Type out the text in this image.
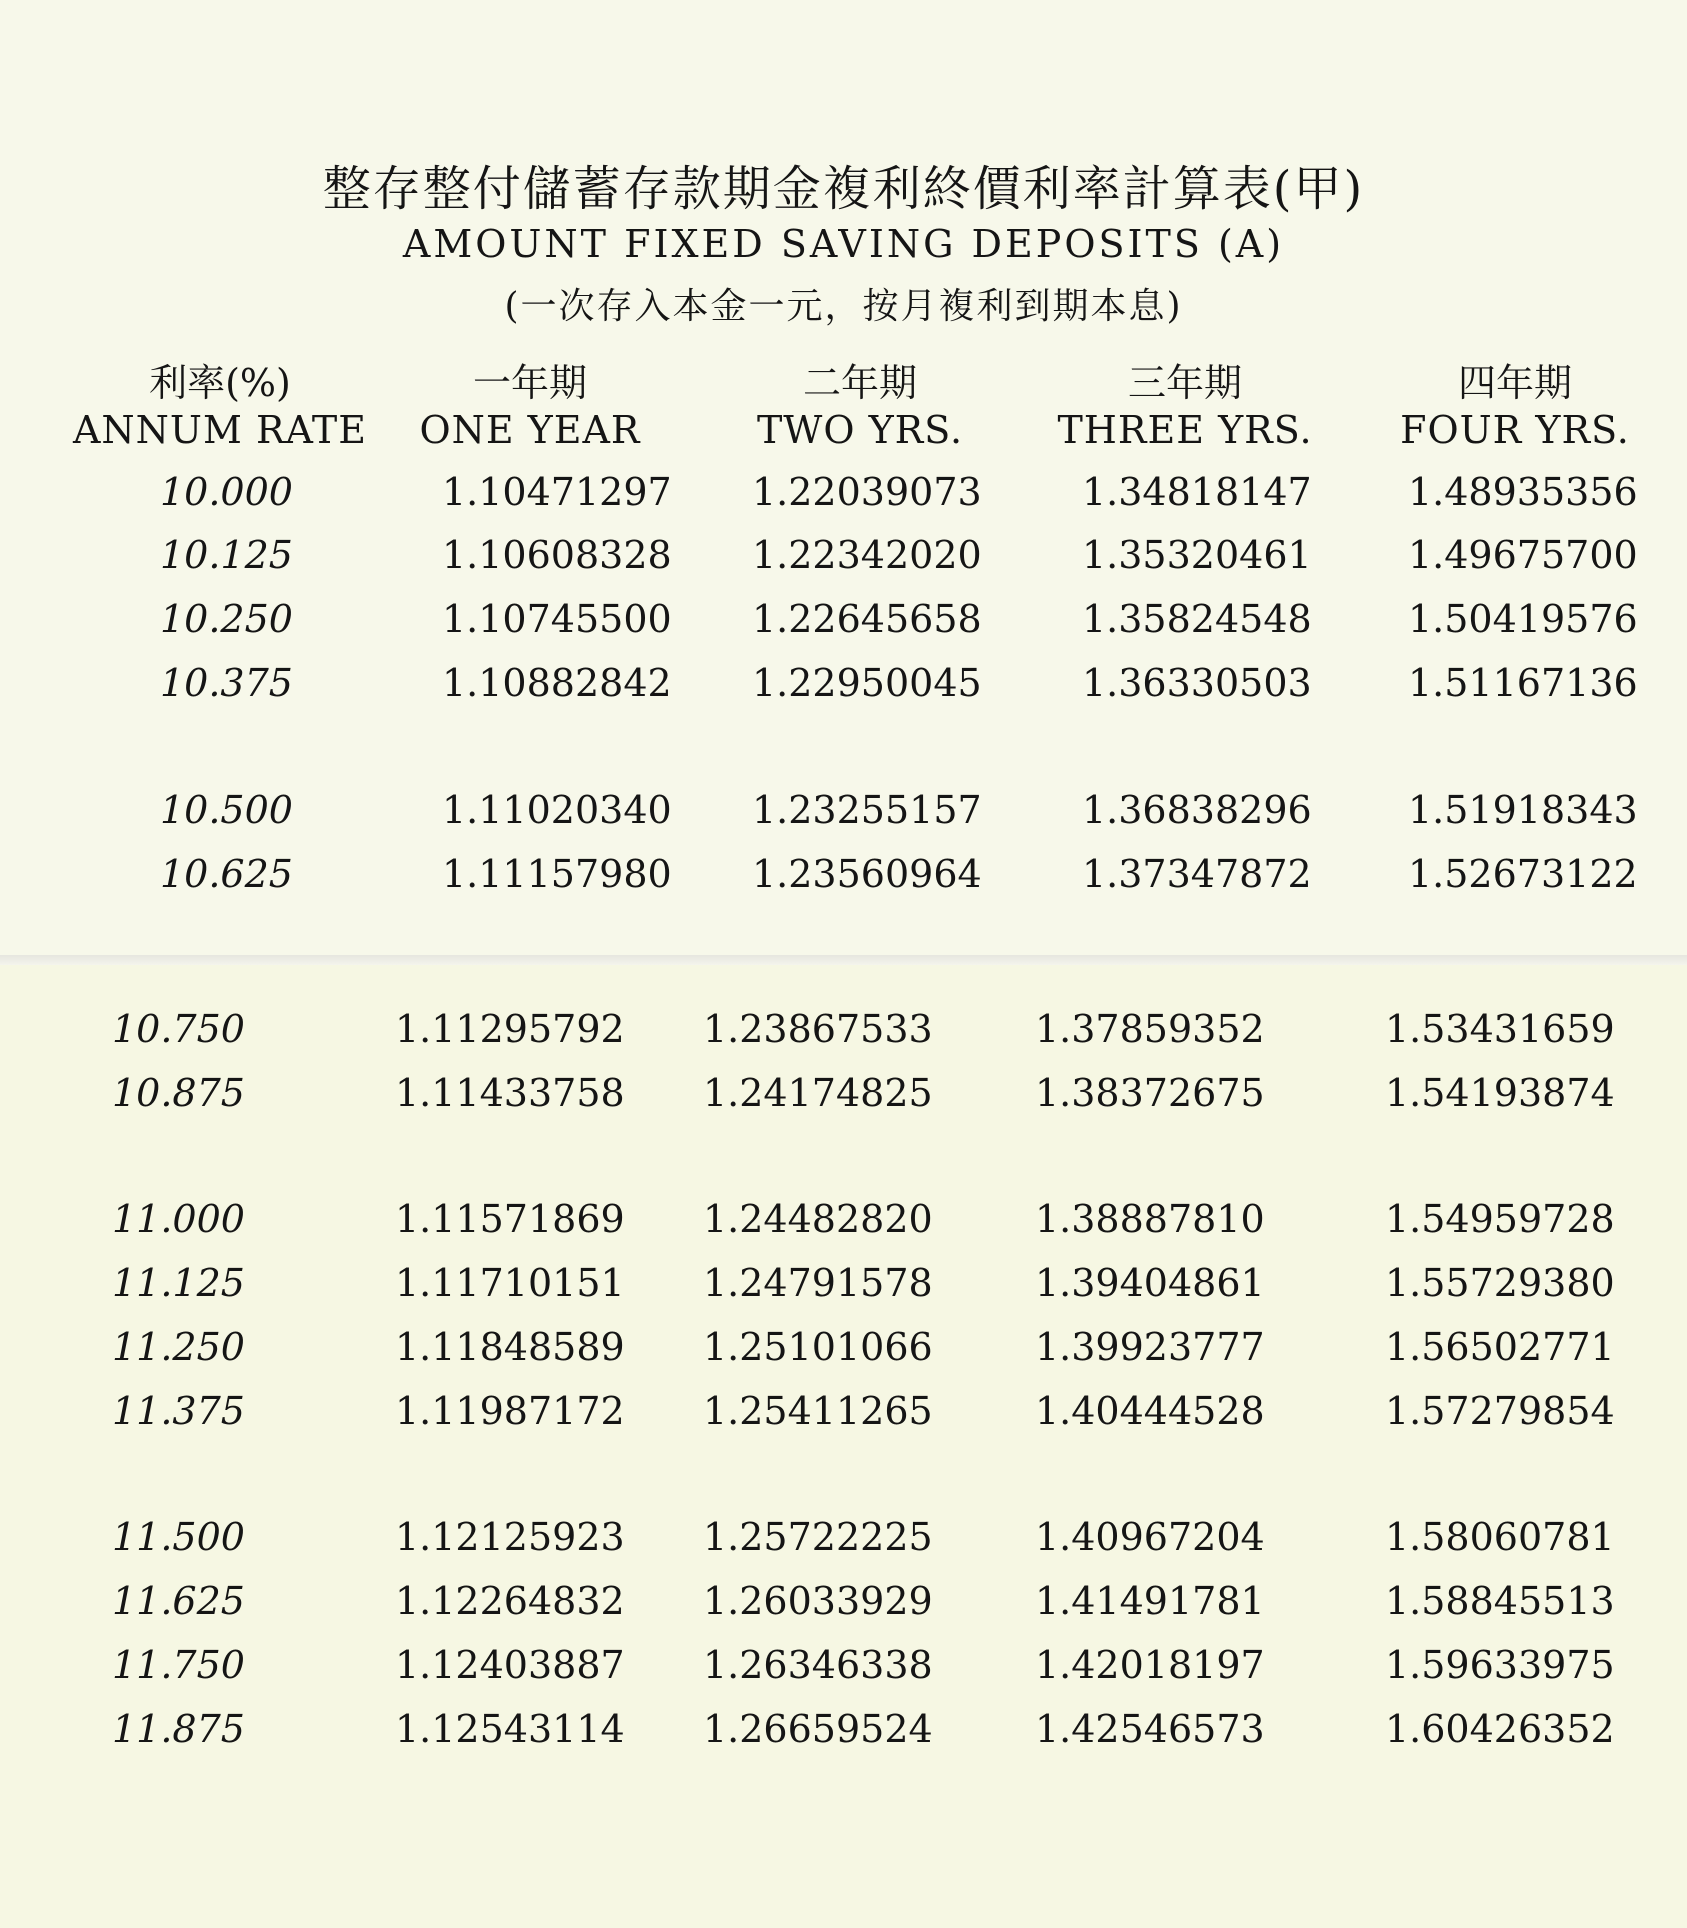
整存整付儲蓄存款期金複利終價利率計算表(甲)
AMOUNT FIXED SAVING DEPOSITS (A)
(一次存入本金一元，按月複利到期本息)
利率(%)	一年期	二年期	三年期	四年期
ANNUM RATE	ONE YEAR	TWO YRS.	THREE YRS.	FOUR YRS.
10.000	1.10471297 1.22039073	1.34818147	1.48935356
10.125	1.10608328 1.22342020	1.35320461	1.49675700
10.250	1.10745500 1.22645658	1.35824548	1.50419576
10.375	1.10882842 1.22950045	1.36330503	1.51167136
10.500	1.11020340 1.23255157	1.36838296	1.51918343
10.625	1.11157980 1.23560964	1.37347872	1.52673122
10.750	1.11295792 1.23867533	1.37859352	1.53431659
10.875	1.11433758 1.24174825	1.38372675	1.54193874
11.000	1.11571869 1.24482820	1.38887810	1.54959728
11.125	1.11710151 1.24791578	1.39404861	1.55729380
11.250	1.11848589 1.25101066	1.39923777	1.56502771
11.375	1.11987172 1.25411265	1.40444528	1.57279854
11.500	1.12125923 1.25722225	1.40967204	1.58060781
11.625	1.12264832 1.26033929	1.41491781	1.58845513
11.750	1.12403887 1.26346338	1.42018197	1.59633975
11.875	1.12543114 1.26659524	1.42546573	1.60426352
